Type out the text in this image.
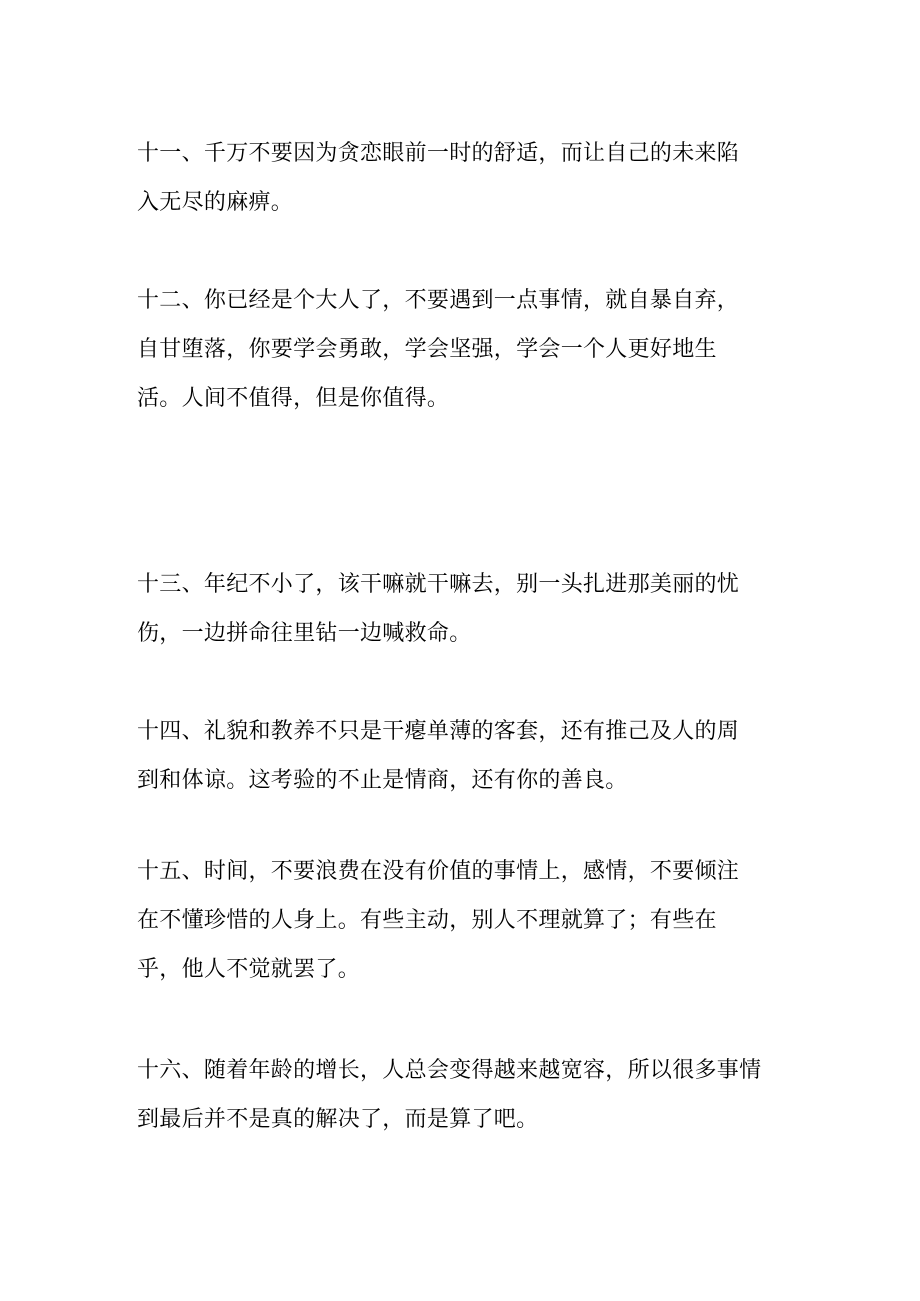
十一、千万不要因为贪恋眼前一时的舒适，而让自己的未来陷
入无尽的麻痹。

十二、你已经是个大人了，不要遇到一点事情，就自暴自弃，
自甘堕落，你要学会勇敢，学会坚强，学会一个人更好地生
活。人间不值得，但是你值得。

十三、年纪不小了，该干嘛就干嘛去，别一头扎进那美丽的忧
伤，一边拼命往里钻一边喊救命。

十四、礼貌和教养不只是干瘪单薄的客套，还有推己及人的周
到和体谅。这考验的不止是情商，还有你的善良。

十五、时间，不要浪费在没有价值的事情上，感情，不要倾注
在不懂珍惜的人身上。有些主动，别人不理就算了；有些在
乎，他人不觉就罢了。

十六、随着年龄的增长，人总会变得越来越宽容，所以很多事情
到最后并不是真的解决了，而是算了吧。
